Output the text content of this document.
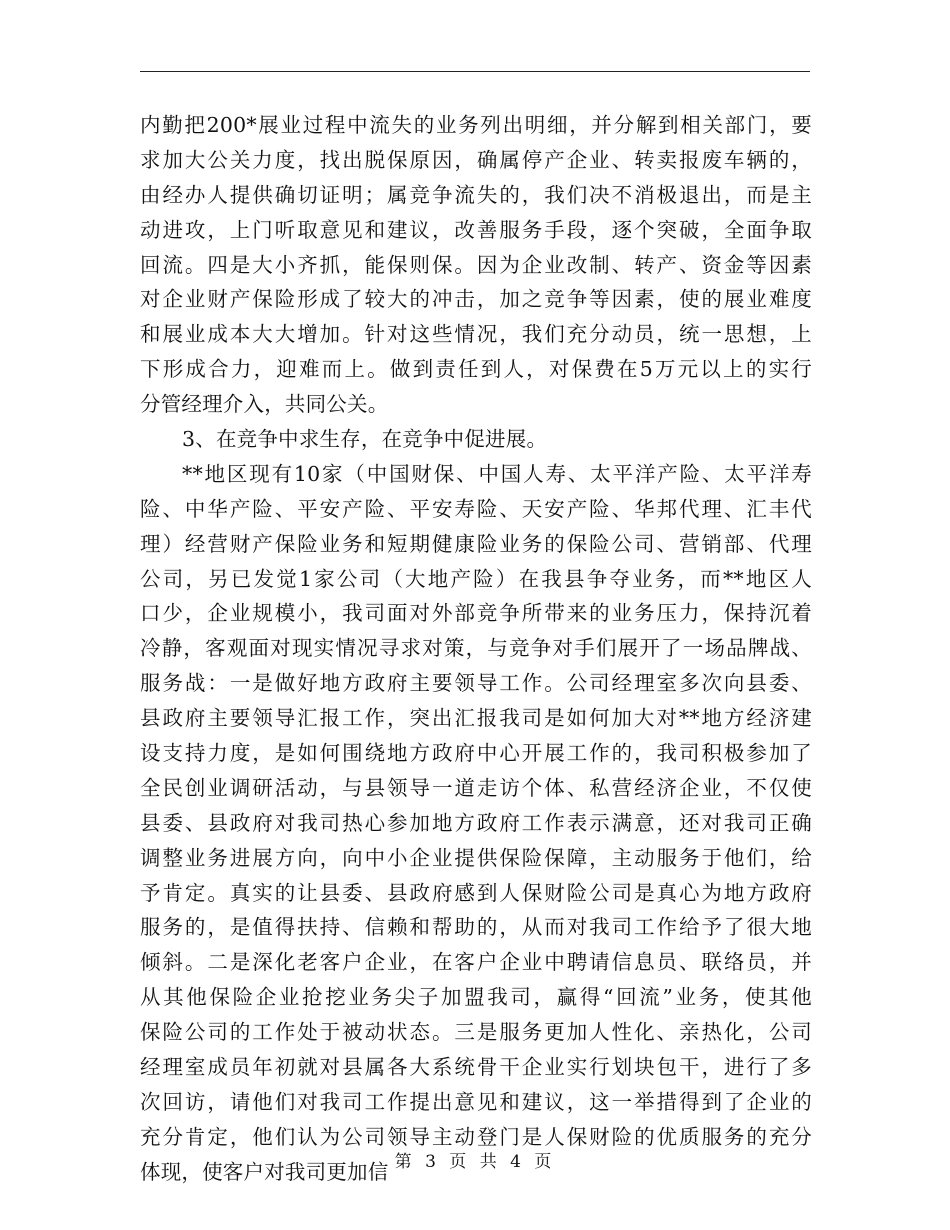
内勤把200*展业过程中流失的业务列出明细，并分解到相关部门，要
求加大公关力度，找出脱保原因，确属停产企业、转卖报废车辆的，
由经办人提供确切证明；属竞争流失的，我们决不消极退出，而是主
动进攻，上门听取意见和建议，改善服务手段，逐个突破，全面争取
回流。四是大小齐抓，能保则保。因为企业改制、转产、资金等因素
对企业财产保险形成了较大的冲击，加之竞争等因素，使的展业难度
和展业成本大大增加。针对这些情况，我们充分动员，统一思想，上
下形成合力，迎难而上。做到责任到人，对保费在5万元以上的实行
分管经理介入，共同公关。
3、在竞争中求生存，在竞争中促进展。
**地区现有10家（中国财保、中国人寿、太平洋产险、太平洋寿
险、中华产险、平安产险、平安寿险、天安产险、华邦代理、汇丰代
理）经营财产保险业务和短期健康险业务的保险公司、营销部、代理
公司，另已发觉1家公司（大地产险）在我县争夺业务，而**地区人
口少，企业规模小，我司面对外部竞争所带来的业务压力，保持沉着
冷静，客观面对现实情况寻求对策，与竞争对手们展开了一场品牌战、
服务战：一是做好地方政府主要领导工作。公司经理室多次向县委、
县政府主要领导汇报工作，突出汇报我司是如何加大对**地方经济建
设支持力度，是如何围绕地方政府中心开展工作的，我司积极参加了
全民创业调研活动，与县领导一道走访个体、私营经济企业，不仅使
县委、县政府对我司热心参加地方政府工作表示满意，还对我司正确
调整业务进展方向，向中小企业提供保险保障，主动服务于他们，给
予肯定。真实的让县委、县政府感到人保财险公司是真心为地方政府
服务的，是值得扶持、信赖和帮助的，从而对我司工作给予了很大地
倾斜。二是深化老客户企业，在客户企业中聘请信息员、联络员，并
从其他保险企业抢挖业务尖子加盟我司，赢得“回流”业务，使其他
保险公司的工作处于被动状态。三是服务更加人性化、亲热化，公司
经理室成员年初就对县属各大系统骨干企业实行划块包干，进行了多
次回访，请他们对我司工作提出意见和建议，这一举措得到了企业的
充分肯定，他们认为公司领导主动登门是人保财险的优质服务的充分
体现，使客户对我司更加信 第 3 页 共 4 页
